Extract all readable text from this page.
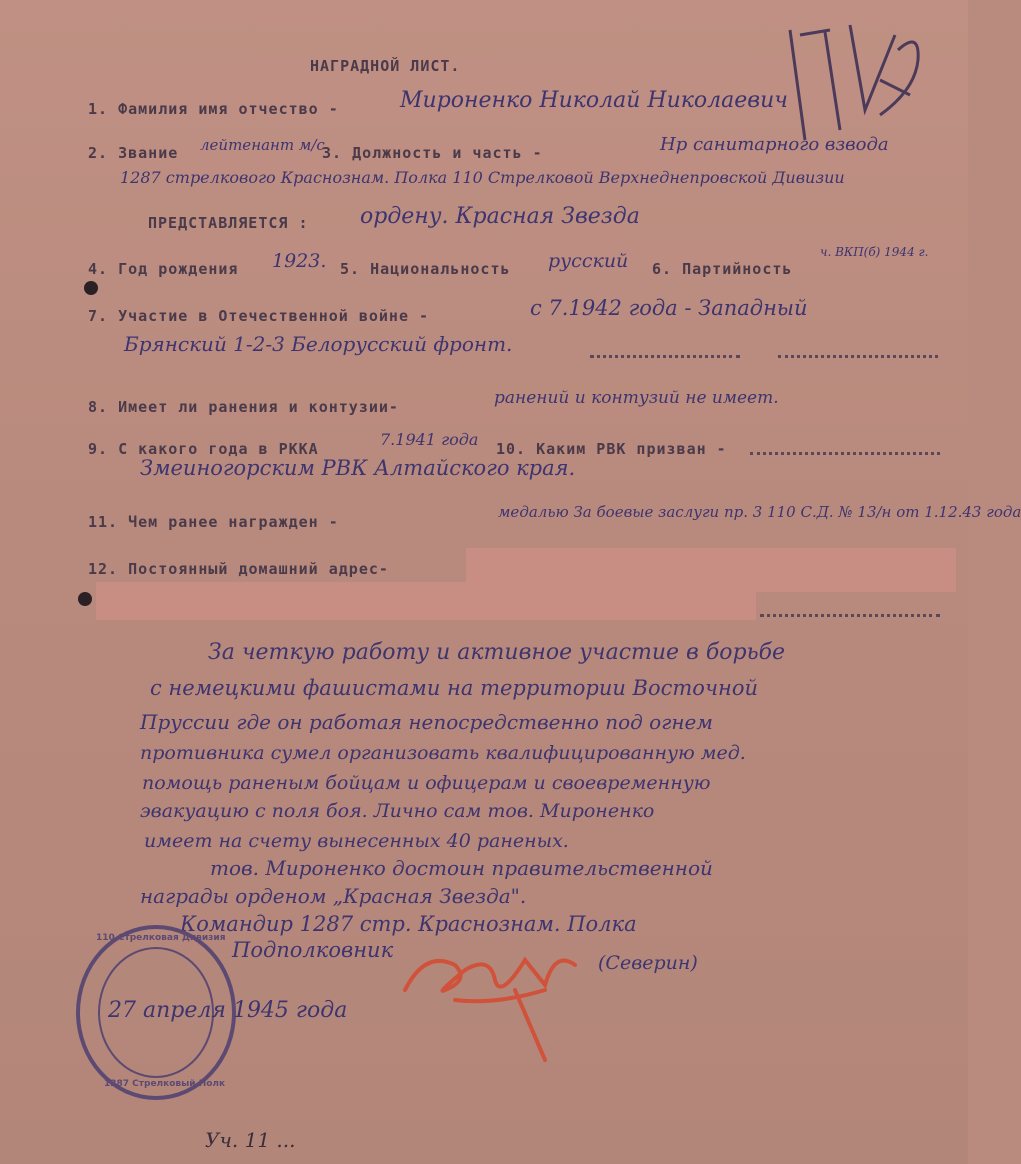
НАГРАДНОЙ ЛИСТ.
1. Фамилия имя отчество -	Мироненко Николай Николаевич
2. Звание лейтенант м/с
3. Должность и часть -	Нр санитарного взвода
1287 стрелкового Краснознам. Полка 110 Стрелковой Верхнеднепровской Дивизии
ПРЕДСТАВЛЯЕТСЯ : ордену. Красная Звезда
4. Год рождения 1923. 5. Национальность русский 6. Партийность
ч. ВКП(б) 1944 г.
7. Участие в Отечественной войне -	с 7.1942 года - Западный
Брянский 1-2-3 Белорусский фронт.
8. Имеет ли ранения и контузии-	ранений и контузий не имеет.
9. С какого года в РККА	7.1941 года 10. Каким РВК призван -
Змеиногорским РВК Алтайского края.
11. Чем ранее награжден -
медалью За боевые заслуги пр. 3 110 С.Д. № 13/н от 1.12.43 года
12. Постоянный домашний адрес-
За четкую работу и активное участие в борьбе
с немецкими фашистами на территории Восточной
Пруссии где он работая непосредственно под огнем
противника сумел организовать квалифицированную мед.
помощь раненым бойцам и офицерам и своевременную
эвакуацию с поля боя. Лично сам тов. Мироненко
имеет на счету вынесенных 40 раненых.
тов. Мироненко достоин правительственной
награды орденом „Красная Звезда".
Командир 1287 стр. Краснознам. Полка
Подполковник
(Северин)
110 Стрелковая Дивизия
1287 Стрелковый Полк
27 апреля 1945 года
Уч. 11 ...
